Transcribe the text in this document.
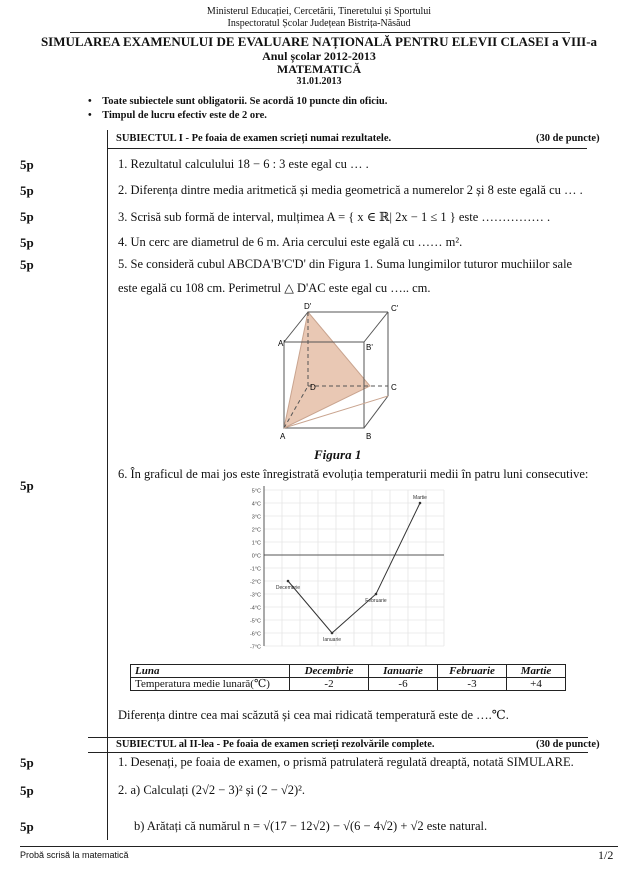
Ministerul Educației, Cercetării, Tineretului și Sportului
Inspectoratul Școlar Județean Bistrița-Năsăud
SIMULAREA EXAMENULUI DE EVALUARE NAȚIONALĂ PENTRU ELEVII CLASEI a VIII-a
Anul școlar 2012-2013
MATEMATICĂ
31.01.2013
•    Toate subiectele sunt obligatorii. Se acordă 10 puncte din oficiu.
•    Timpul de lucru efectiv este de 2 ore.
SUBIECTUL I - Pe foaia de examen scrieți numai rezultatele.	(30 de puncte)
5p	1. Rezultatul calculului 18 − 6 : 3 este egal cu … .
5p	2. Diferența dintre media aritmetică și media geometrică a numerelor 2 și 8 este egală cu … .
5p	3. Scrisă sub formă de interval, mulțimea A = { x ∈ ℝ| 2x − 1 ≤ 1 } este …………… .
5p	4. Un cerc are diametrul de 6 m. Aria cercului este egală cu …… m².
5p	5. Se consideră cubul ABCDA'B'C'D' din Figura 1. Suma lungimilor tuturor muchiilor sale
este egală cu 108 cm. Perimetrul △ D'AC este egal cu ….. cm.
D'	C'
A'	B'
D	C
A	B
Figura 1
5p
6. În graficul de mai jos este înregistrată evoluția temperaturii medii în patru luni consecutive:
5°C
4°C
3°C
2°C
1°C
0°C
-1°C
-2°C
-3°C
-4°C
-5°C
-6°C
-7°C
Decembrie
Ianuarie
Februarie
Martie
Luna	Decembrie	Ianuarie	Februarie	Martie
Temperatura medie lunară(℃)	-2	-6	-3	+4
Diferența dintre cea mai scăzută și cea mai ridicată temperatură este de ….℃.
SUBIECTUL al II-lea - Pe foaia de examen scrieți rezolvările complete.	(30 de puncte)
5p	1. Desenați, pe foaia de examen, o prismă patrulateră regulată dreaptă, notată SIMULARE.
5p	2. a) Calculați (2√2 − 3)² și (2 − √2)².
5p	b) Arătați că numărul n = √(17 − 12√2) − √(6 − 4√2) + √2 este natural.
Probă scrisă la matematică	1/2
